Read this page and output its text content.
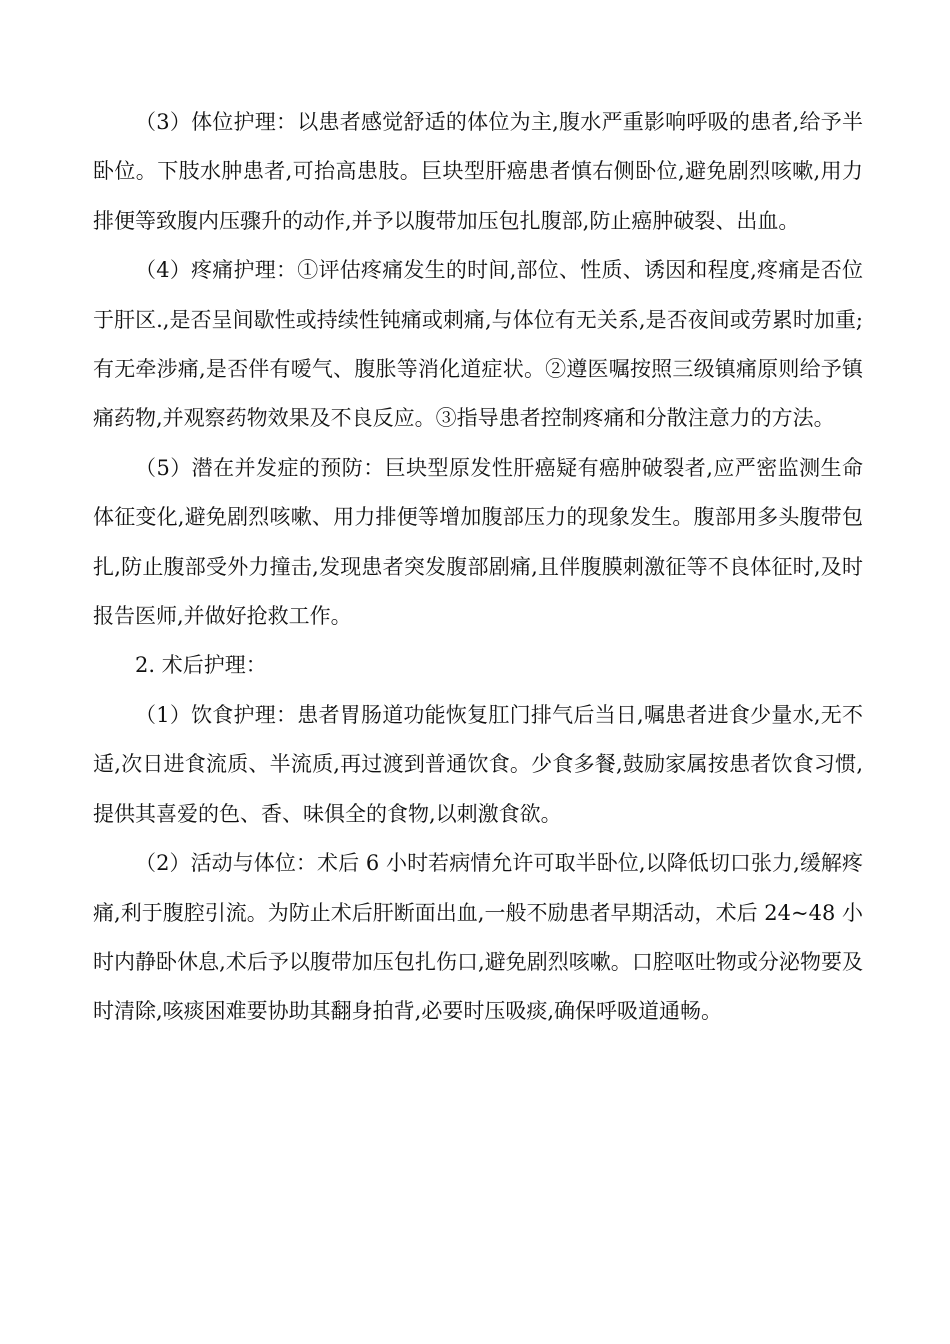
（3）体位护理：以患者感觉舒适的体位为主,腹水严重影响呼吸的患者,给予半卧位。下肢水肿患者,可抬高患肢。巨块型肝癌患者慎右侧卧位,避免剧烈咳嗽,用力排便等致腹内压骤升的动作,并予以腹带加压包扎腹部,防止癌肿破裂、出血。

（4）疼痛护理：①评估疼痛发生的时间,部位、性质、诱因和程度,疼痛是否位于肝区.,是否呈间歇性或持续性钝痛或刺痛,与体位有无关系,是否夜间或劳累时加重;有无牵涉痛,是否伴有嗳气、腹胀等消化道症状。②遵医嘱按照三级镇痛原则给予镇痛药物,并观察药物效果及不良反应。③指导患者控制疼痛和分散注意力的方法。

（5）潜在并发症的预防：巨块型原发性肝癌疑有癌肿破裂者,应严密监测生命体征变化,避免剧烈咳嗽、用力排便等增加腹部压力的现象发生。腹部用多头腹带包扎,防止腹部受外力撞击,发现患者突发腹部剧痛,且伴腹膜刺激征等不良体征时,及时报告医师,并做好抢救工作。

2. 术后护理：

（1）饮食护理：患者胃肠道功能恢复肛门排气后当日,嘱患者进食少量水,无不适,次日进食流质、半流质,再过渡到普通饮食。少食多餐,鼓励家属按患者饮食习惯,提供其喜爱的色、香、味俱全的食物,以刺激食欲。

（2）活动与体位：术后 6 小时若病情允许可取半卧位,以降低切口张力,缓解疼痛,利于腹腔引流。为防止术后肝断面出血,一般不励患者早期活动，术后 24~48 小时内静卧休息,术后予以腹带加压包扎伤口,避免剧烈咳嗽。口腔呕吐物或分泌物要及时清除,咳痰困难要协助其翻身拍背,必要时压吸痰,确保呼吸道通畅。
